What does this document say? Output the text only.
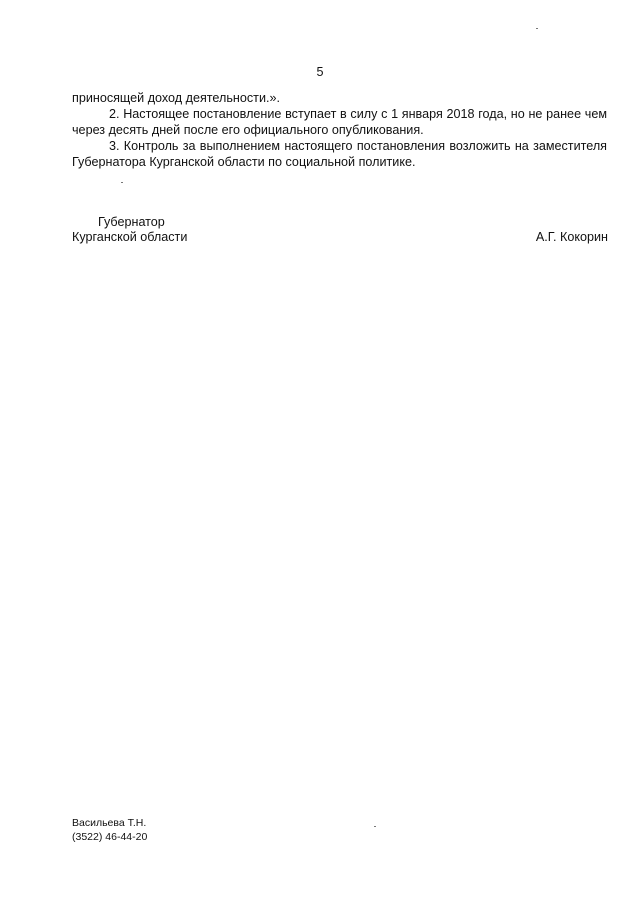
5

приносящей доход деятельности.».

2. Настоящее постановление вступает в силу с 1 января 2018 года, но не ранее чем через десять дней после его официального опубликования.

3. Контроль за выполнением настоящего постановления возложить на заместителя Губернатора Курганской области по социальной политике.

Губернатор
Курганской области	А.Г. Кокорин
Васильева Т.Н.
(3522) 46-44-20
